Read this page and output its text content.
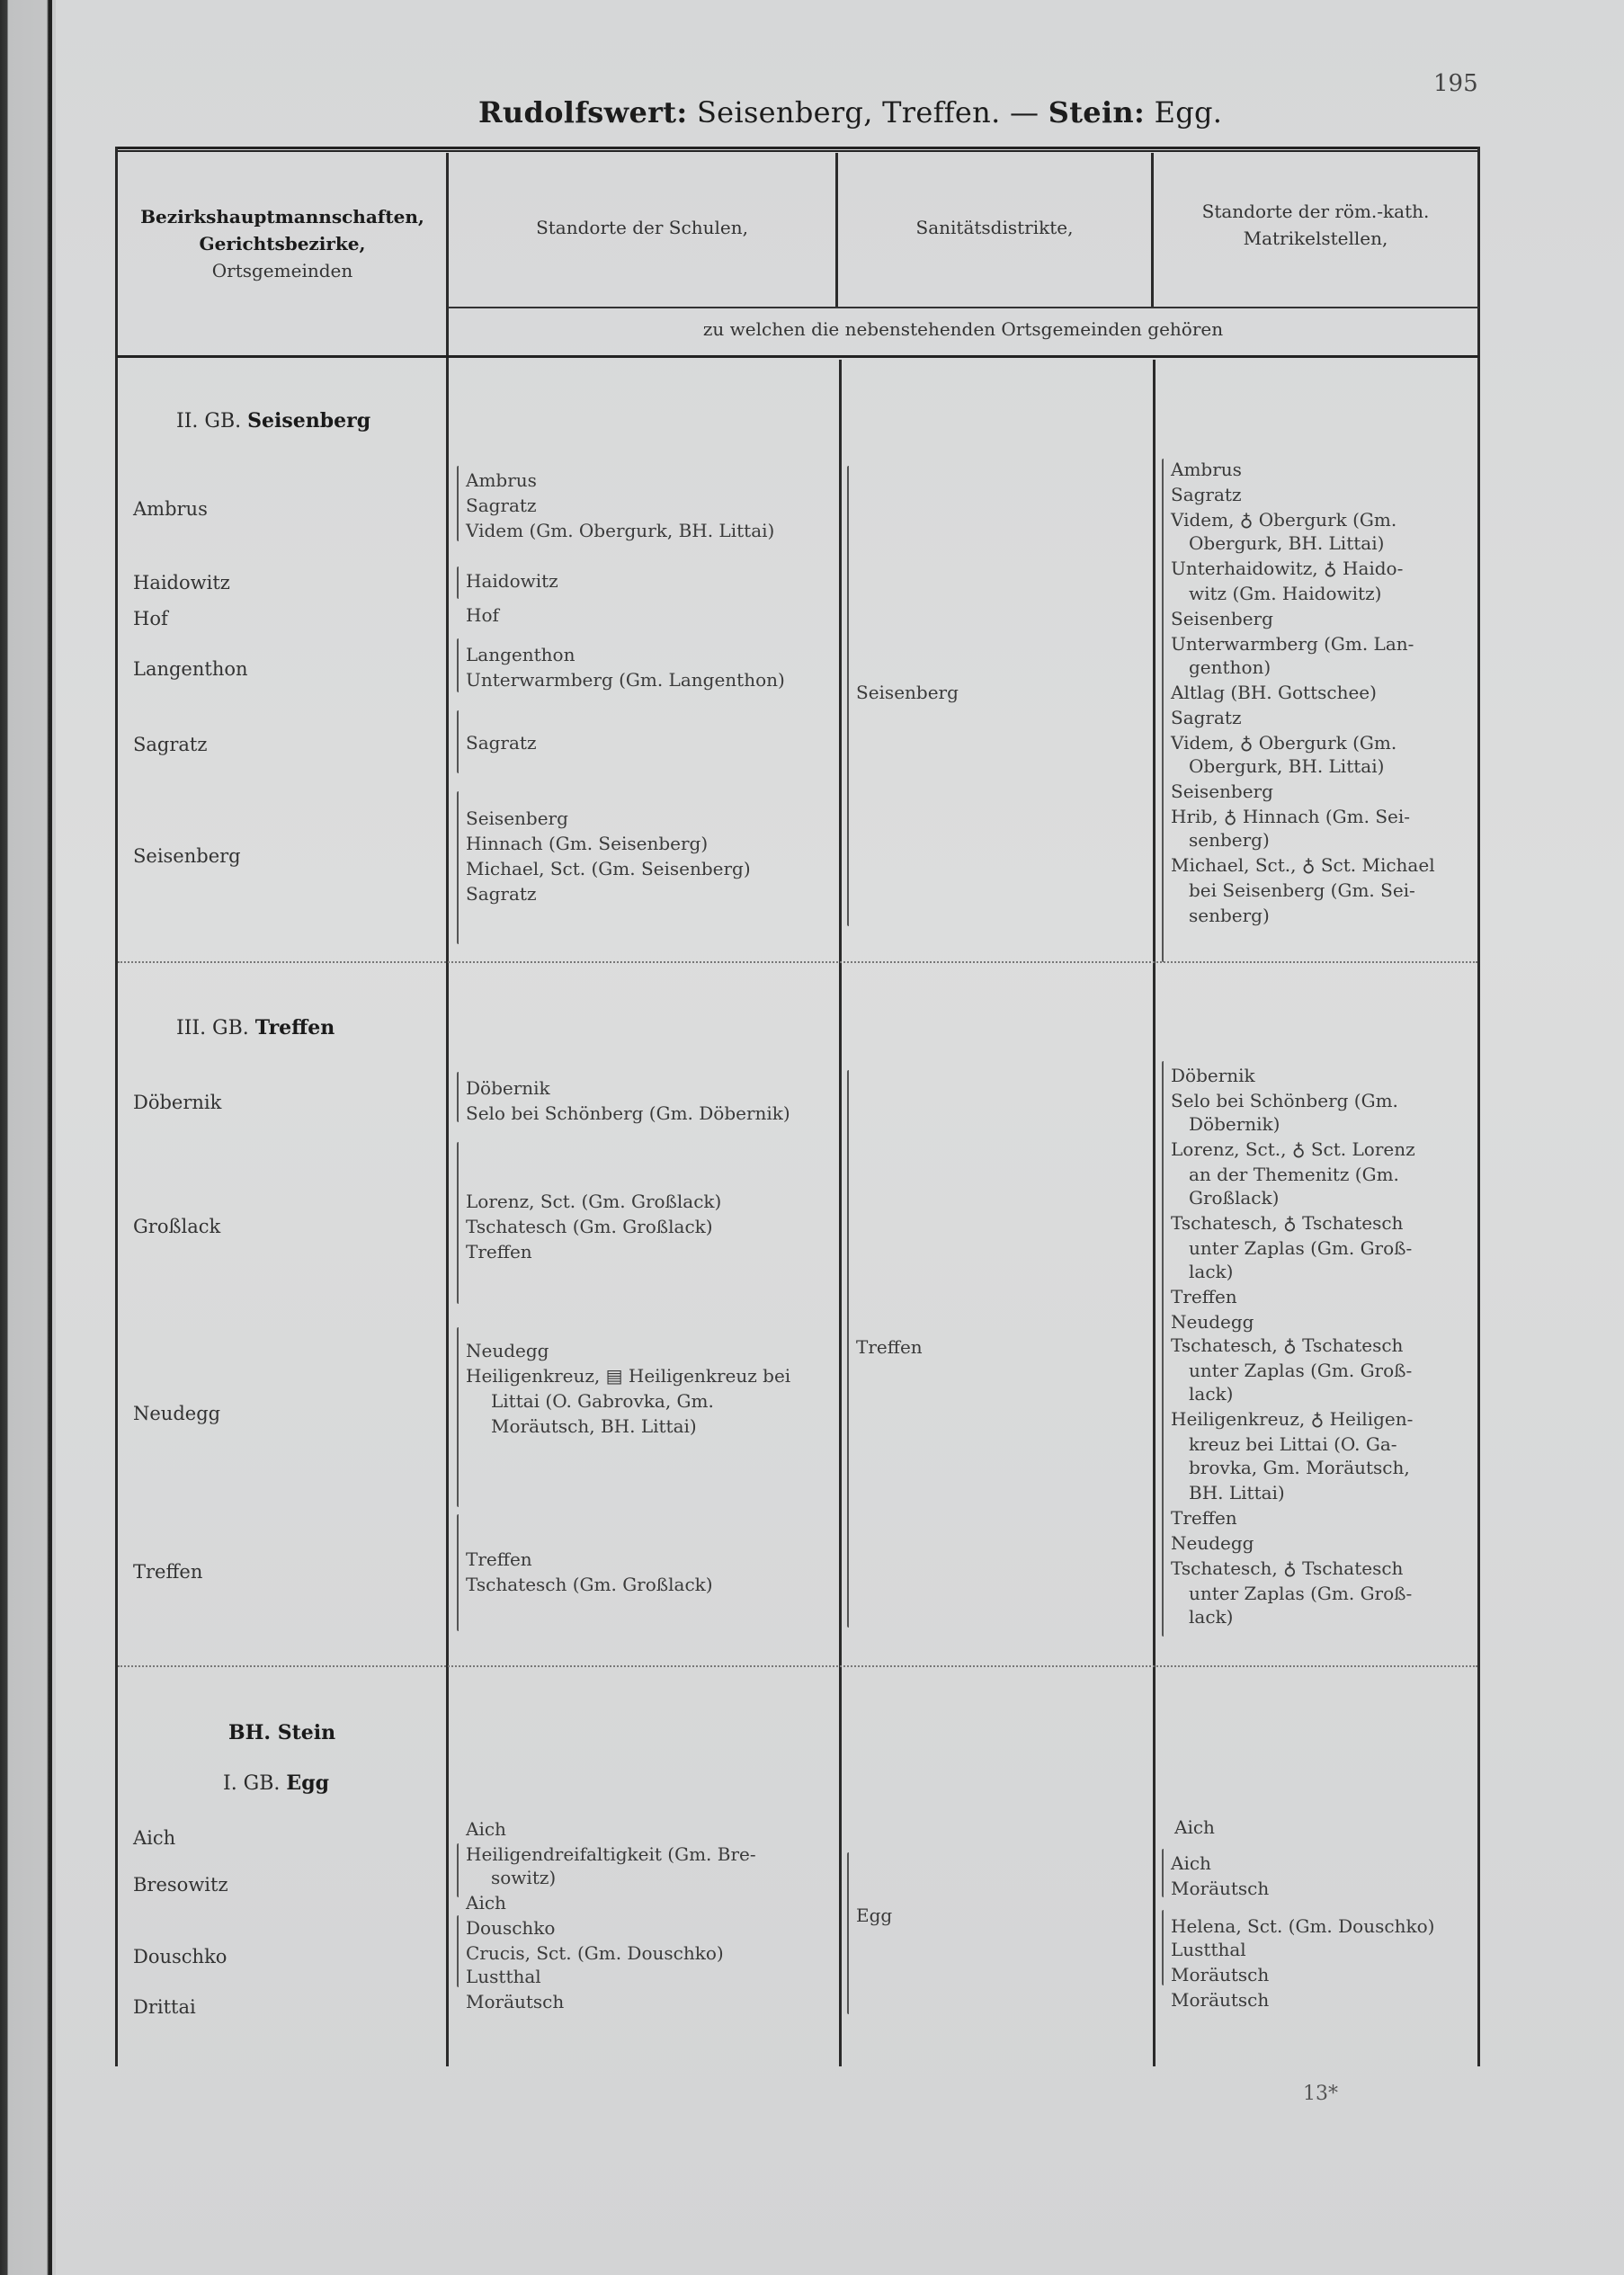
Rudolfswert: Seisenberg, Treffen. — Stein: Egg.
195
Bezirkshauptmannschaften,
Gerichtsbezirke,
Ortsgemeinden
Standorte der Schulen,	Sanitätsdistrikte,
Standorte der röm.-kath.
Matrikelstellen,
zu welchen die nebenstehenden Ortsgemeinden gehören
II. GB. Seisenberg
Ambrus
Haidowitz
Hof
Langenthon
Sagratz
Seisenberg
Ambrus
Sagratz
Videm (Gm. Obergurk, BH. Littai)
Haidowitz
Hof
Langenthon
Unterwarmberg (Gm. Langenthon)
Sagratz
Seisenberg
Hinnach (Gm. Seisenberg)
Michael, Sct. (Gm. Seisenberg)
Sagratz
Seisenberg
Ambrus
Sagratz
Videm, ♁ Obergurk (Gm.
Obergurk, BH. Littai)
Unterhaidowitz, ♁ Haido-
witz (Gm. Haidowitz)
Seisenberg
Unterwarmberg (Gm. Lan-
genthon)
Altlag (BH. Gottschee)
Sagratz
Videm, ♁ Obergurk (Gm.
Obergurk, BH. Littai)
Seisenberg
Hrib, ♁ Hinnach (Gm. Sei-
senberg)
Michael, Sct., ♁ Sct. Michael
bei Seisenberg (Gm. Sei-
senberg)
III. GB. Treffen
Döbernik
Großlack
Neudegg
Treffen
Döbernik
Selo bei Schönberg (Gm. Döbernik)
Lorenz, Sct. (Gm. Großlack)
Tschatesch (Gm. Großlack)
Treffen
Neudegg
Heiligenkreuz, ▤ Heiligenkreuz bei
Littai (O. Gabrovka, Gm.
Moräutsch, BH. Littai)
Treffen
Tschatesch (Gm. Großlack)
Treffen
Döbernik
Selo bei Schönberg (Gm.
Döbernik)
Lorenz, Sct., ♁ Sct. Lorenz
an der Themenitz (Gm.
Großlack)
Tschatesch, ♁ Tschatesch
unter Zaplas (Gm. Groß-
lack)
Treffen
Neudegg
Tschatesch, ♁ Tschatesch
unter Zaplas (Gm. Groß-
lack)
Heiligenkreuz, ♁ Heiligen-
kreuz bei Littai (O. Ga-
brovka, Gm. Moräutsch,
BH. Littai)
Treffen
Neudegg
Tschatesch, ♁ Tschatesch
unter Zaplas (Gm. Groß-
lack)
BH. Stein
I. GB. Egg
Aich
Bresowitz
Douschko
Drittai
Aich
Heiligendreifaltigkeit (Gm. Bre-
sowitz)
Aich
Douschko
Crucis, Sct. (Gm. Douschko)
Lustthal
Moräutsch
Egg
Aich
Aich
Moräutsch
Helena, Sct. (Gm. Douschko)
Lustthal
Moräutsch
Moräutsch
13*
